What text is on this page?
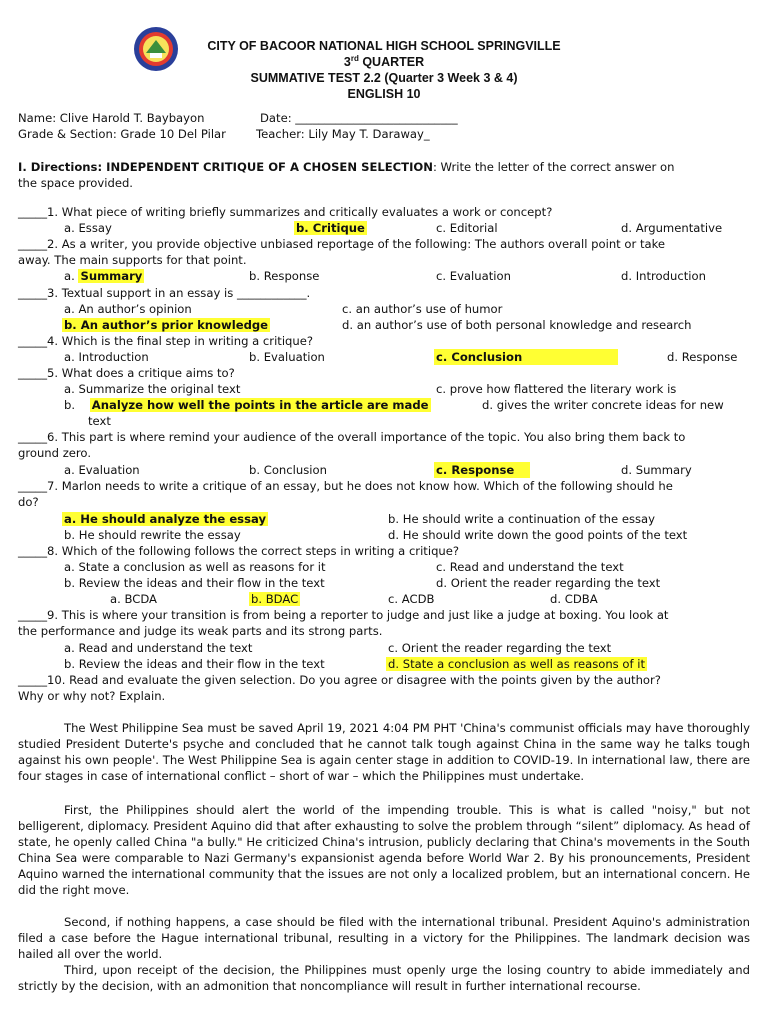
CITY OF BACOOR NATIONAL HIGH SCHOOL SPRINGVILLE
3rd QUARTER
SUMMATIVE TEST 2.2 (Quarter 3 Week 3 & 4)
ENGLISH 10
Name: Clive Harold T. Baybayon	Date: ____________________________
Grade & Section: Grade 10 Del Pilar	Teacher: Lily May T. Daraway_
I. Directions: INDEPENDENT CRITIQUE OF A CHOSEN SELECTION: Write the letter of the correct answer on
the space provided.
_____1. What piece of writing briefly summarizes and critically evaluates a work or concept?
a. Essay	b. Critique	c. Editorial	d. Argumentative
_____2. As a writer, you provide objective unbiased reportage of the following: The authors overall point or take
away. The main supports for that point.
a. Summary	b. Response	c. Evaluation	d. Introduction
_____3. Textual support in an essay is ____________.
a. An author’s opinion	c. an author’s use of humor
b. An author’s prior knowledge	d. an author’s use of both personal knowledge and research
_____4. Which is the final step in writing a critique?
a. Introduction	b. Evaluation	c. Conclusion	d. Response
_____5. What does a critique aims to?
a. Summarize the original text	c. prove how flattered the literary work is
b. Analyze how well the points in the article are made	d. gives the writer concrete ideas for new
text
_____6. This part is where remind your audience of the overall importance of the topic. You also bring them back to
ground zero.
a. Evaluation	b. Conclusion	c. Response	d. Summary
_____7. Marlon needs to write a critique of an essay, but he does not know how. Which of the following should he
do?
a. He should analyze the essay	b. He should write a continuation of the essay
b. He should rewrite the essay	d. He should write down the good points of the text
_____8. Which of the following follows the correct steps in writing a critique?
a. State a conclusion as well as reasons for it	c. Read and understand the text
b. Review the ideas and their flow in the text	d. Orient the reader regarding the text
a. BCDA	b. BDAC	c. ACDB	d. CDBA
_____9. This is where your transition is from being a reporter to judge and just like a judge at boxing. You look at
the performance and judge its weak parts and its strong parts.
a. Read and understand the text	c. Orient the reader regarding the text
b. Review the ideas and their flow in the text	d. State a conclusion as well as reasons of it
_____10. Read and evaluate the given selection. Do you agree or disagree with the points given by the author?
Why or why not? Explain.
The West Philippine Sea must be saved April 19, 2021 4:04 PM PHT 'China's communist officials may have thoroughly studied President Duterte's psyche and concluded that he cannot talk tough against China in the same way he talks tough against his own people'. The West Philippine Sea is again center stage in addition to COVID-19. In international law, there are four stages in case of international conflict – short of war – which the Philippines must undertake.
First, the Philippines should alert the world of the impending trouble. This is what is called "noisy," but not belligerent, diplomacy. President Aquino did that after exhausting to solve the problem through “silent” diplomacy. As head of state, he openly called China "a bully." He criticized China's intrusion, publicly declaring that China's movements in the South China Sea were comparable to Nazi Germany's expansionist agenda before World War 2. By his pronouncements, President Aquino warned the international community that the issues are not only a localized problem, but an international concern. He did the right move.
Second, if nothing happens, a case should be filed with the international tribunal. President Aquino's administration filed a case before the Hague international tribunal, resulting in a victory for the Philippines. The landmark decision was hailed all over the world.
Third, upon receipt of the decision, the Philippines must openly urge the losing country to abide immediately and strictly by the decision, with an admonition that noncompliance will result in further international recourse.
